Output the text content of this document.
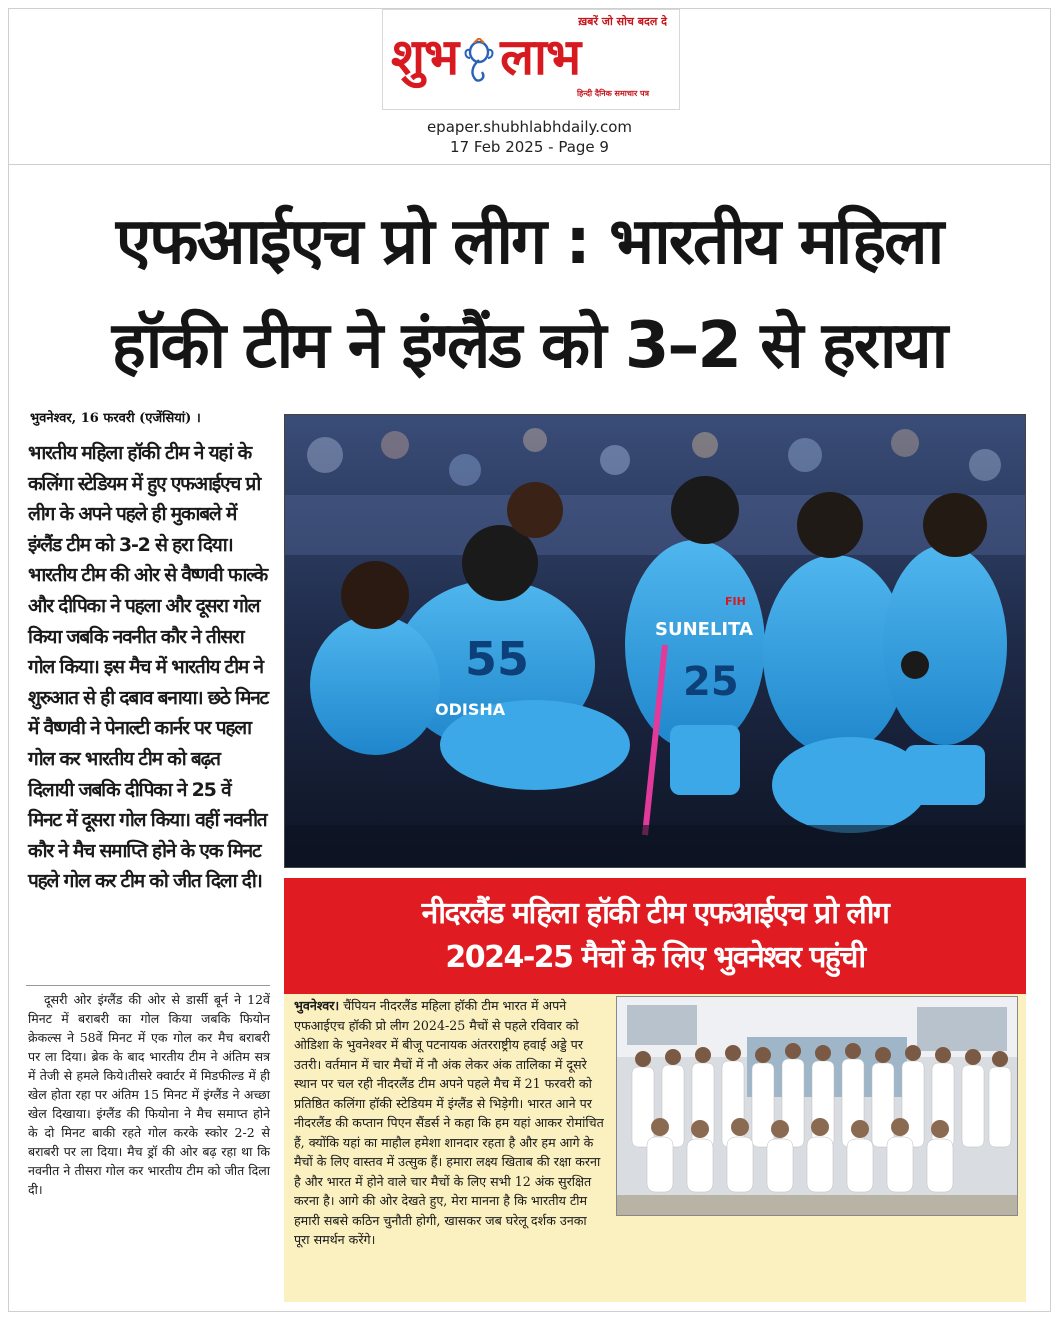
ख़बरें जो सोच बदल दे
शुभ लाभ
हिन्दी दैनिक समाचार पत्र
epaper.shubhlabhdaily.com
17 Feb 2025 - Page 9
एफआईएच प्रो लीग : भारतीय महिला
हॉकी टीम ने इंग्लैंड को 3–2 से हराया
भुवनेश्वर, 16 फरवरी (एजेंसियां) ।
भारतीय महिला हॉकी टीम ने यहां के कलिंगा स्टेडियम में हुए एफआईएच प्रो लीग के अपने पहले ही मुकाबले में इंग्लैंड टीम को 3-2 से हरा दिया। भारतीय टीम की ओर से वैष्णवी फाल्के और दीपिका ने पहला और दूसरा गोल किया जबकि नवनीत कौर ने तीसरा गोल किया। इस मैच में भारतीय टीम ने शुरुआत से ही दबाव बनाया। छठे मिनट में वैष्णवी ने पेनाल्टी कार्नर पर पहला गोल कर भारतीय टीम को बढ़त दिलायी जबकि दीपिका ने 25 वें मिनट में दूसरा गोल किया। वहीं नवनीत कौर ने मैच समाप्ति होने के एक मिनट पहले गोल कर टीम को जीत दिला दी।
दूसरी ओर इंग्लैंड की ओर से डार्सी बूर्न ने 12वें मिनट में बराबरी का गोल किया जबकि फियोन क्रेकल्स ने 58वें मिनट में एक गोल कर मैच बराबरी पर ला दिया। ब्रेक के बाद भारतीय टीम ने अंतिम सत्र में तेजी से हमले किये।तीसरे क्वार्टर में मिडफील्ड में ही खेल होता रहा पर अंतिम 15 मिनट में इंग्लैंड ने अच्छा खेल दिखाया। इंग्लैंड की फियोना ने मैच समाप्त होने के दो मिनट बाकी रहते गोल करके स्कोर 2-2 से बराबरी पर ला दिया। मैच ड्रॉ की ओर बढ़ रहा था कि नवनीत ने तीसरा गोल कर भारतीय टीम को जीत दिला दी।
55
ODISHA
SUNELITA
25
FIH
नीदरलैंड महिला हॉकी टीम एफआईएच प्रो लीग
2024-25 मैचों के लिए भुवनेश्वर पहुंची
भुवनेश्वर। चैंपियन नीदरलैंड महिला हॉकी टीम भारत में अपने एफआईएच हॉकी प्रो लीग 2024-25 मैचों से पहले रविवार को ओडिशा के भुवनेश्वर में बीजू पटनायक अंतरराष्ट्रीय हवाई अड्डे पर उतरी। वर्तमान में चार मैचों में नौ अंक लेकर अंक तालिका में दूसरे स्थान पर चल रही नीदरलैंड टीम अपने पहले मैच में 21 फरवरी को प्रतिष्ठित कलिंगा हॉकी स्टेडियम में इंग्लैंड से भिड़ेगी। भारत आने पर नीदरलैंड की कप्तान पिएन सैंडर्स ने कहा कि हम यहां आकर रोमांचित हैं, क्योंकि यहां का माहौल हमेशा शानदार रहता है और हम आगे के मैचों के लिए वास्तव में उत्सुक हैं। हमारा लक्ष्य खिताब की रक्षा करना है और भारत में होने वाले चार मैचों के लिए सभी 12 अंक सुरक्षित करना है। आगे की ओर देखते हुए, मेरा मानना है कि भारतीय टीम हमारी सबसे कठिन चुनौती होगी, खासकर जब घरेलू दर्शक उनका पूरा समर्थन करेंगे।
